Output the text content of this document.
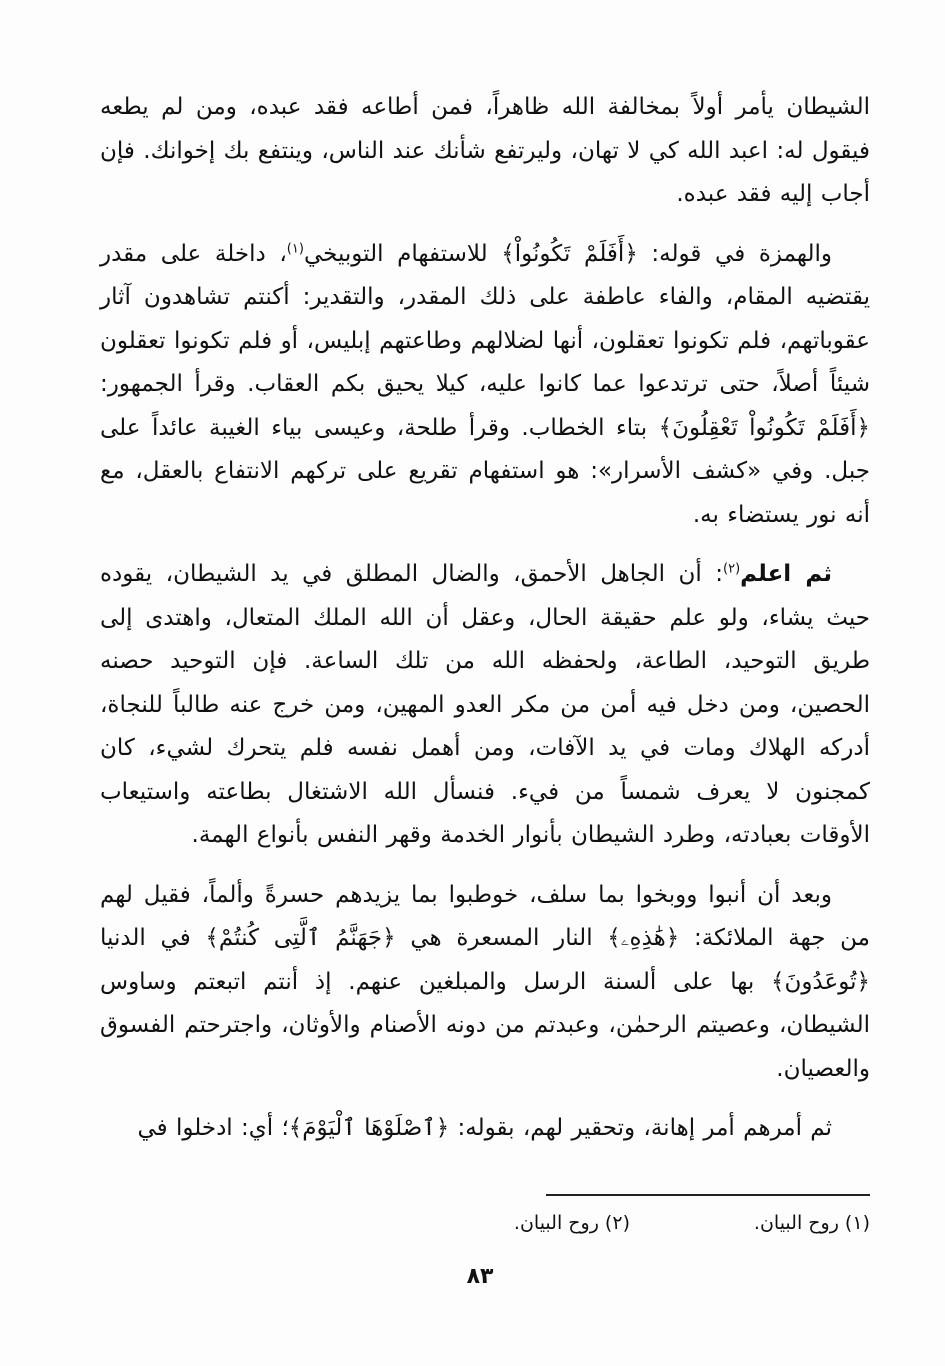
الشيطان يأمر أولاً بمخالفة الله ظاهراً، فمن أطاعه فقد عبده، ومن لم يطعه فيقول له: اعبد الله كي لا تهان، وليرتفع شأنك عند الناس، وينتفع بك إخوانك. فإن أجاب إليه فقد عبده.

والهمزة في قوله: ﴿أَفَلَمْ تَكُونُواْ﴾ للاستفهام التوبيخي$^{(١)}$، داخلة على مقدر يقتضيه المقام، والفاء عاطفة على ذلك المقدر، والتقدير: أكنتم تشاهدون آثار عقوباتهم، فلم تكونوا تعقلون، أنها لضلالهم وطاعتهم إبليس، أو فلم تكونوا تعقلون شيئاً أصلاً، حتى ترتدعوا عما كانوا عليه، كيلا يحيق بكم العقاب. وقرأ الجمهور: ﴿أَفَلَمْ تَكُونُواْ تَعْقِلُونَ﴾ بتاء الخطاب. وقرأ طلحة، وعيسى بياء الغيبة عائداً على جبل. وفي «كشف الأسرار»: هو استفهام تقريع على تركهم الانتفاع بالعقل، مع أنه نور يستضاء به.

ثم اعلم$^{(٢)}$: أن الجاهل الأحمق، والضال المطلق في يد الشيطان، يقوده حيث يشاء، ولو علم حقيقة الحال، وعقل أن الله الملك المتعال، واهتدى إلى طريق التوحيد، الطاعة، ولحفظه الله من تلك الساعة. فإن التوحيد حصنه الحصين، ومن دخل فيه أمن من مكر العدو المهين، ومن خرج عنه طالباً للنجاة، أدركه الهلاك ومات في يد الآفات، ومن أهمل نفسه فلم يتحرك لشيء، كان كمجنون لا يعرف شمساً من فيء. فنسأل الله الاشتغال بطاعته واستيعاب الأوقات بعبادته، وطرد الشيطان بأنوار الخدمة وقهر النفس بأنواع الهمة.

وبعد أن أنبوا ووبخوا بما سلف، خوطبوا بما يزيدهم حسرةً وألماً، فقيل لهم من جهة الملائكة: ﴿هَٰذِهِۦ﴾ النار المسعرة هي ﴿جَهَنَّمُ ٱلَّتِى كُنتُمْ﴾ في الدنيا ﴿تُوعَدُونَ﴾ بها على ألسنة الرسل والمبلغين عنهم. إذ أنتم اتبعتم وساوس الشيطان، وعصيتم الرحمٰن، وعبدتم من دونه الأصنام والأوثان، واجترحتم الفسوق والعصيان.

ثم أمرهم أمر إهانة، وتحقير لهم، بقوله: ﴿ٱصْلَوْهَا ٱلْيَوْمَ﴾؛ أي: ادخلوا في

(١) روح البيان.
(٢) روح البيان.
٨٣
